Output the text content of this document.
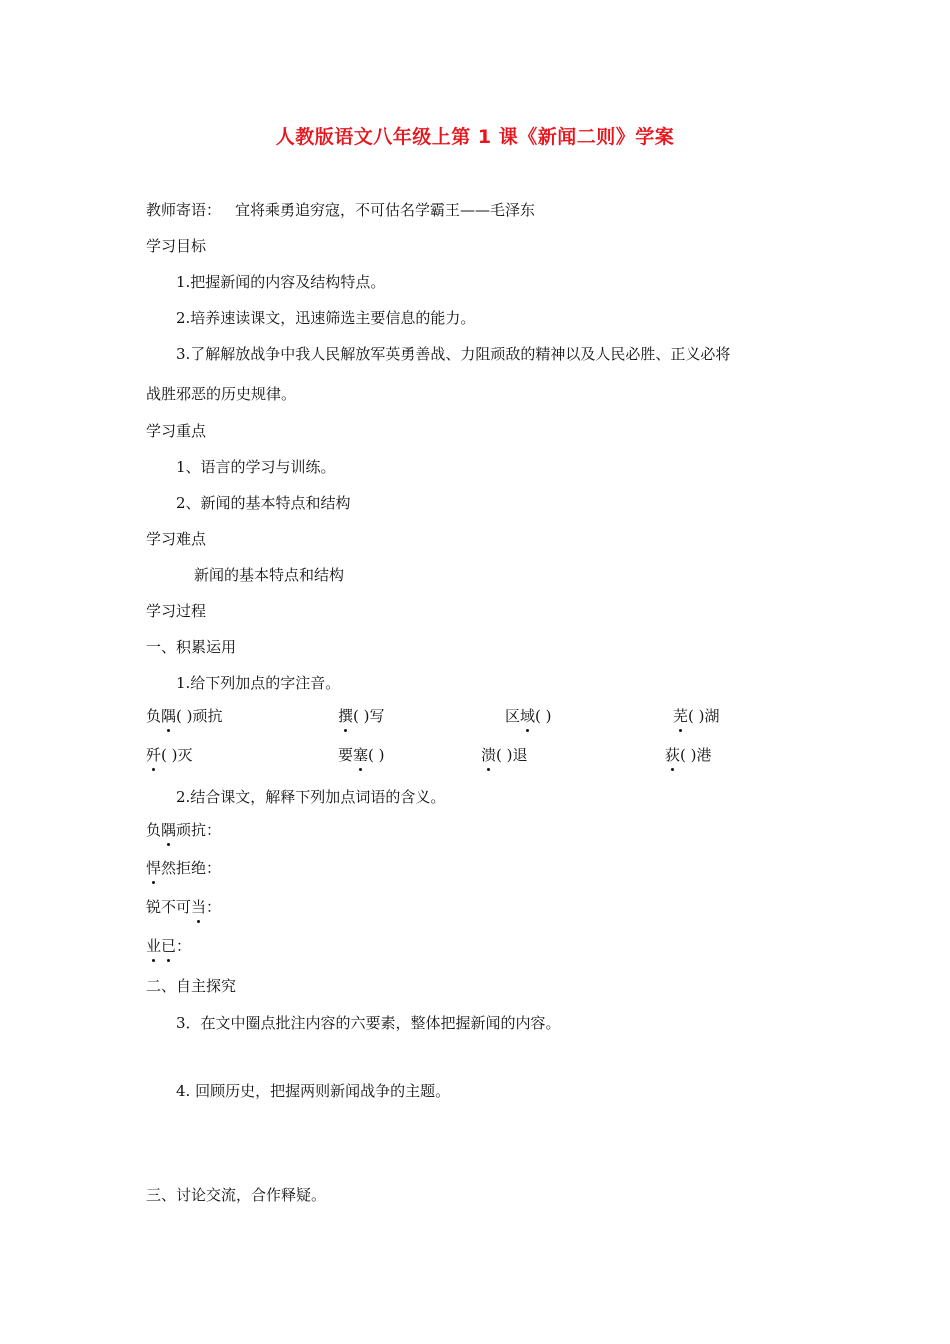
人教版语文八年级上第 1 课《新闻二则》学案
教师寄语： 宜将乘勇追穷寇，不可估名学霸王——毛泽东
学习目标
1.把握新闻的内容及结构特点。
2.培养速读课文，迅速筛选主要信息的能力。
3.了解解放战争中我人民解放军英勇善战、力阻顽敌的精神以及人民必胜、正义必将
战胜邪恶的历史规律。
学习重点
1、语言的学习与训练。
2、新闻的基本特点和结构
学习难点
新闻的基本特点和结构
学习过程
一、积累运用
1.给下列加点的字注音。
负隅( )顽抗	撰( )写	区域( )	芜( )湖
歼( )灭	要塞( )	溃( )退	荻( )港
2.结合课文，解释下列加点词语的含义。
负隅顽抗：
悍然拒绝：
锐不可当：
业已：
二、自主探究
3．在文中圈点批注内容的六要素，整体把握新闻的内容。
4. 回顾历史，把握两则新闻战争的主题。
三、讨论交流，合作释疑。
